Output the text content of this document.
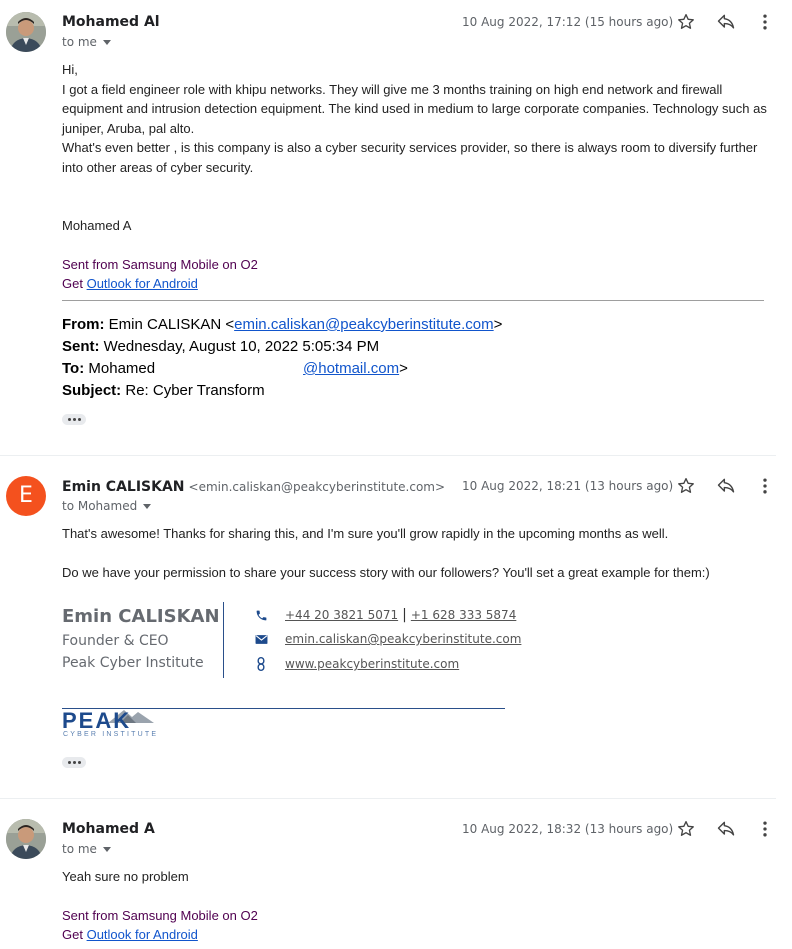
Mohamed Al
to me
10 Aug 2022, 17:12 (15 hours ago)

Hi,

I got a field engineer role with khipu networks. They will give me 3 months training on high end network and firewall equipment and intrusion detection equipment. The kind used in medium to large corporate companies. Technology such as juniper, Aruba, pal alto.

What's even better , is this company is also a cyber security services provider, so there is always room to diversify further into other areas of cyber security.

Mohamed A
Sent from Samsung Mobile on O2
Get Outlook for Android
From: Emin CALISKAN <emin.caliskan@peakcyberinstitute.com>
Sent: Wednesday, August 10, 2022 5:05:34 PM
To: Mohamed	@hotmail.com>
Subject: Re: Cyber Transform
E	Emin CALISKAN <emin.caliskan@peakcyberinstitute.com>
to Mohamed
10 Aug 2022, 18:21 (13 hours ago)
That's awesome! Thanks for sharing this, and I'm sure you'll grow rapidly in the upcoming months as well.
Do we have your permission to share your success story with our followers? You'll set a great example for them:)
Emin CALISKAN
Founder & CEO
Peak Cyber Institute
+44 20 3821 5071 | +1 628 333 5874
emin.caliskan@peakcyberinstitute.com
www.peakcyberinstitute.com
PEAK
CYBER INSTITUTE
Mohamed A
to me
10 Aug 2022, 18:32 (13 hours ago)
Yeah sure no problem
Sent from Samsung Mobile on O2
Get Outlook for Android
